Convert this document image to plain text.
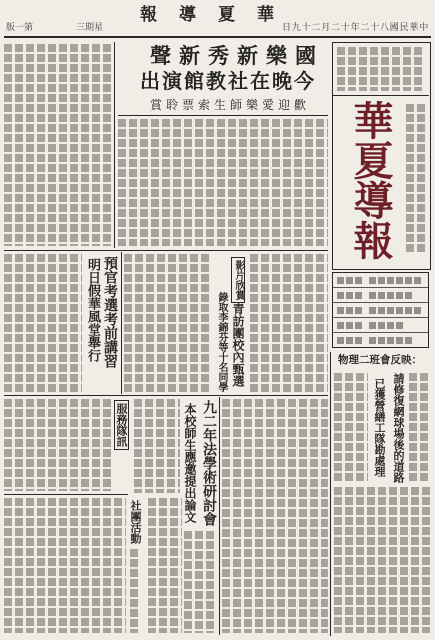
版一第	三期星
報導夏華
日九十二月二十年二十八國民華中
聲新秀新樂國
出演館教社在晚今
賞聆票索生師樂愛迎歡 華夏導報
物理二班會反映：
請修復網球場後的道路
已獲營繕工隊勘處理
明日假華風堂舉行 預官考選考前講習	錄取李錦芬等十名同學 青訪團校內甄選
影片欣賞
服務隊訊
社團活動	本校師生應邀提出論文 九二年法學術研討會
